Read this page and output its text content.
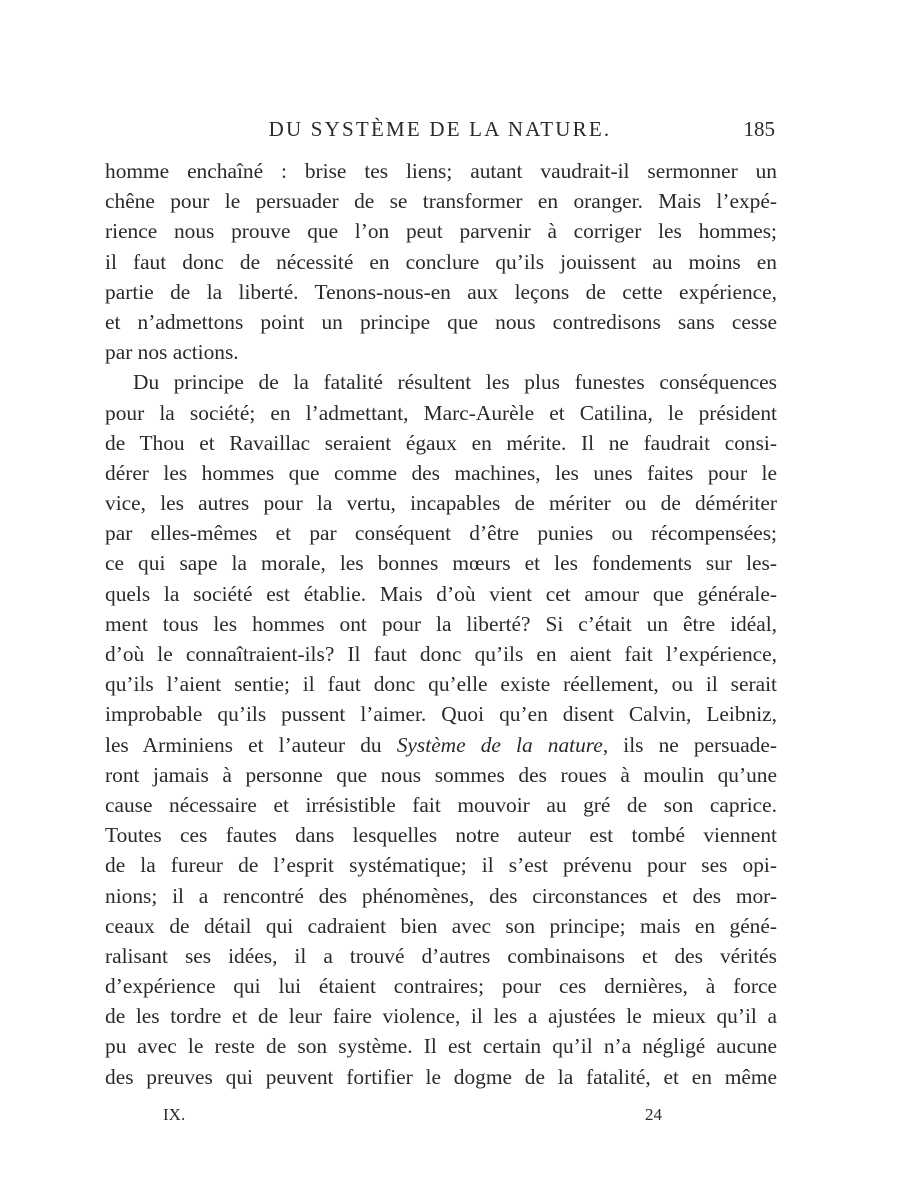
DU SYSTÈME DE LA NATURE.	185
homme enchaîné : brise tes liens; autant vaudrait-il sermonner un
chêne pour le persuader de se transformer en oranger. Mais l’expé-
rience nous prouve que l’on peut parvenir à corriger les hommes;
il faut donc de nécessité en conclure qu’ils jouissent au moins en
partie de la liberté. Tenons-nous-en aux leçons de cette expérience,
et n’admettons point un principe que nous contredisons sans cesse
par nos actions.
Du principe de la fatalité résultent les plus funestes conséquences
pour la société; en l’admettant, Marc-Aurèle et Catilina, le président
de Thou et Ravaillac seraient égaux en mérite. Il ne faudrait consi-
dérer les hommes que comme des machines, les unes faites pour le
vice, les autres pour la vertu, incapables de mériter ou de démériter
par elles-mêmes et par conséquent d’être punies ou récompensées;
ce qui sape la morale, les bonnes mœurs et les fondements sur les-
quels la société est établie. Mais d’où vient cet amour que générale-
ment tous les hommes ont pour la liberté? Si c’était un être idéal,
d’où le connaîtraient-ils? Il faut donc qu’ils en aient fait l’expérience,
qu’ils l’aient sentie; il faut donc qu’elle existe réellement, ou il serait
improbable qu’ils pussent l’aimer. Quoi qu’en disent Calvin, Leibniz,
les Arminiens et l’auteur du Système de la nature, ils ne persuade-
ront jamais à personne que nous sommes des roues à moulin qu’une
cause nécessaire et irrésistible fait mouvoir au gré de son caprice.
Toutes ces fautes dans lesquelles notre auteur est tombé viennent
de la fureur de l’esprit systématique; il s’est prévenu pour ses opi-
nions; il a rencontré des phénomènes, des circonstances et des mor-
ceaux de détail qui cadraient bien avec son principe; mais en géné-
ralisant ses idées, il a trouvé d’autres combinaisons et des vérités
d’expérience qui lui étaient contraires; pour ces dernières, à force
de les tordre et de leur faire violence, il les a ajustées le mieux qu’il a
pu avec le reste de son système. Il est certain qu’il n’a négligé aucune
des preuves qui peuvent fortifier le dogme de la fatalité, et en même
IX.	24
